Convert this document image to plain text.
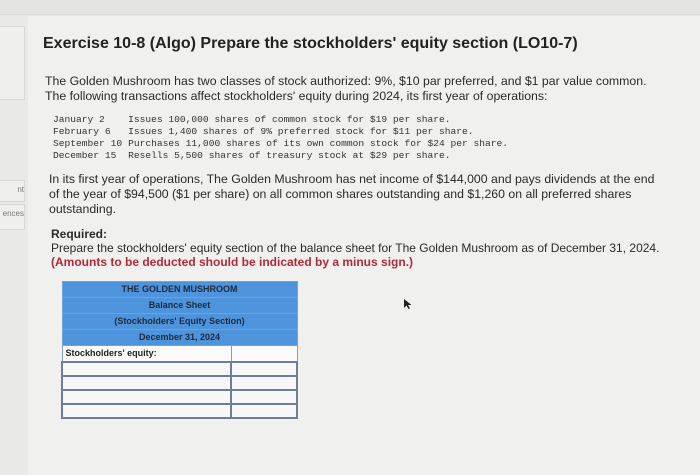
nt
ences
Exercise 10-8 (Algo) Prepare the stockholders' equity section (LO10-7)

The Golden Mushroom has two classes of stock authorized: 9%, $10 par preferred, and $1 par value common. The following transactions affect stockholders' equity during 2024, its first year of operations:

January 2	Issues 100,000 shares of common stock for $19 per share.
February 6	Issues 1,400 shares of 9% preferred stock for $11 per share.
September 10	Purchases 11,000 shares of its own common stock for $24 per share.
December 15	Resells 5,500 shares of treasury stock at $29 per share.

In its first year of operations, The Golden Mushroom has net income of $144,000 and pays dividends at the end of the year of $94,500 ($1 per share) on all common shares outstanding and $1,260 on all preferred shares outstanding.

Required:
Prepare the stockholders' equity section of the balance sheet for The Golden Mushroom as of December 31, 2024.
(Amounts to be deducted should be indicated by a minus sign.)
THE GOLDEN MUSHROOM	
Balance Sheet	
(Stockholders' Equity Section)	
December 31, 2024	
Stockholders' equity:	
